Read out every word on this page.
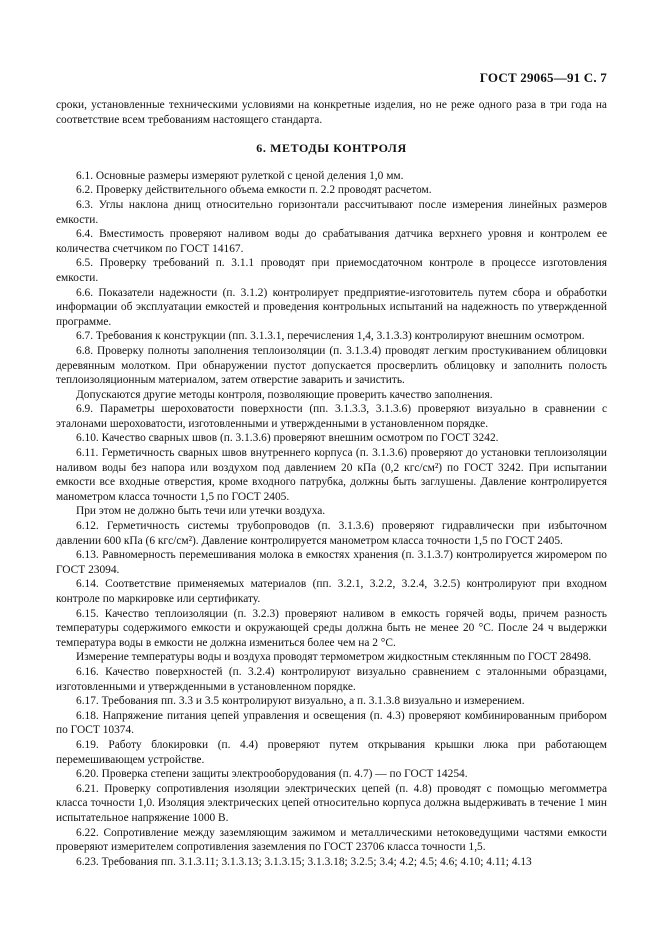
ГОСТ 29065—91 С. 7

сроки, установленные техническими условиями на конкретные изделия, но не реже одного раза в три года на соответствие всем требованиям настоящего стандарта.

6. МЕТОДЫ КОНТРОЛЯ

6.1. Основные размеры измеряют рулеткой с ценой деления 1,0 мм.

6.2. Проверку действительного объема емкости п. 2.2 проводят расчетом.

6.3. Углы наклона днищ относительно горизонтали рассчитывают после измерения линейных размеров емкости.

6.4. Вместимость проверяют наливом воды до срабатывания датчика верхнего уровня и контролем ее количества счетчиком по ГОСТ 14167.

6.5. Проверку требований п. 3.1.1 проводят при приемосдаточном контроле в процессе изготовления емкости.

6.6. Показатели надежности (п. 3.1.2) контролирует предприятие-изготовитель путем сбора и обработки информации об эксплуатации емкостей и проведения контрольных испытаний на надежность по утвержденной программе.

6.7. Требования к конструкции (пп. 3.1.3.1, перечисления 1,4, 3.1.3.3) контролируют внешним осмотром.

6.8. Проверку полноты заполнения теплоизоляции (п. 3.1.3.4) проводят легким простукиванием облицовки деревянным молотком. При обнаружении пустот допускается просверлить облицовку и заполнить полость теплоизоляционным материалом, затем отверстие заварить и зачистить.

Допускаются другие методы контроля, позволяющие проверить качество заполнения.

6.9. Параметры шероховатости поверхности (пп. 3.1.3.3, 3.1.3.6) проверяют визуально в сравнении с эталонами шероховатости, изготовленными и утвержденными в установленном порядке.

6.10. Качество сварных швов (п. 3.1.3.6) проверяют внешним осмотром по ГОСТ 3242.

6.11. Герметичность сварных швов внутреннего корпуса (п. 3.1.3.6) проверяют до установки теплоизоляции наливом воды без напора или воздухом под давлением 20 кПа (0,2 кгс/см²) по ГОСТ 3242. При испытании емкости все входные отверстия, кроме входного патрубка, должны быть заглушены. Давление контролируется манометром класса точности 1,5 по ГОСТ 2405.

При этом не должно быть течи или утечки воздуха.

6.12. Герметичность системы трубопроводов (п. 3.1.3.6) проверяют гидравлически при избыточном давлении 600 кПа (6 кгс/см²). Давление контролируется манометром класса точности 1,5 по ГОСТ 2405.

6.13. Равномерность перемешивания молока в емкостях хранения (п. 3.1.3.7) контролируется жиромером по ГОСТ 23094.

6.14. Соответствие применяемых материалов (пп. 3.2.1, 3.2.2, 3.2.4, 3.2.5) контролируют при входном контроле по маркировке или сертификату.

6.15. Качество теплоизоляции (п. 3.2.3) проверяют наливом в емкость горячей воды, причем разность температуры содержимого емкости и окружающей среды должна быть не менее 20 °С. После 24 ч выдержки температура воды в емкости не должна измениться более чем на 2 °С.

Измерение температуры воды и воздуха проводят термометром жидкостным стеклянным по ГОСТ 28498.

6.16. Качество поверхностей (п. 3.2.4) контролируют визуально сравнением с эталонными образцами, изготовленными и утвержденными в установленном порядке.

6.17. Требования пп. 3.3 и 3.5 контролируют визуально, а п. 3.1.3.8 визуально и измерением.

6.18. Напряжение питания цепей управления и освещения (п. 4.3) проверяют комбинированным прибором по ГОСТ 10374.

6.19. Работу блокировки (п. 4.4) проверяют путем открывания крышки люка при работающем перемешивающем устройстве.

6.20. Проверка степени защиты электрооборудования (п. 4.7) — по ГОСТ 14254.

6.21. Проверку сопротивления изоляции электрических цепей (п. 4.8) проводят с помощью мегомметра класса точности 1,0. Изоляция электрических цепей относительно корпуса должна выдерживать в течение 1 мин испытательное напряжение 1000 В.

6.22. Сопротивление между заземляющим зажимом и металлическими нетоковедущими частями емкости проверяют измерителем сопротивления заземления по ГОСТ 23706 класса точности 1,5.

6.23. Требования пп. 3.1.3.11; 3.1.3.13; 3.1.3.15; 3.1.3.18; 3.2.5; 3.4; 4.2; 4.5; 4.6; 4.10; 4.11; 4.13
